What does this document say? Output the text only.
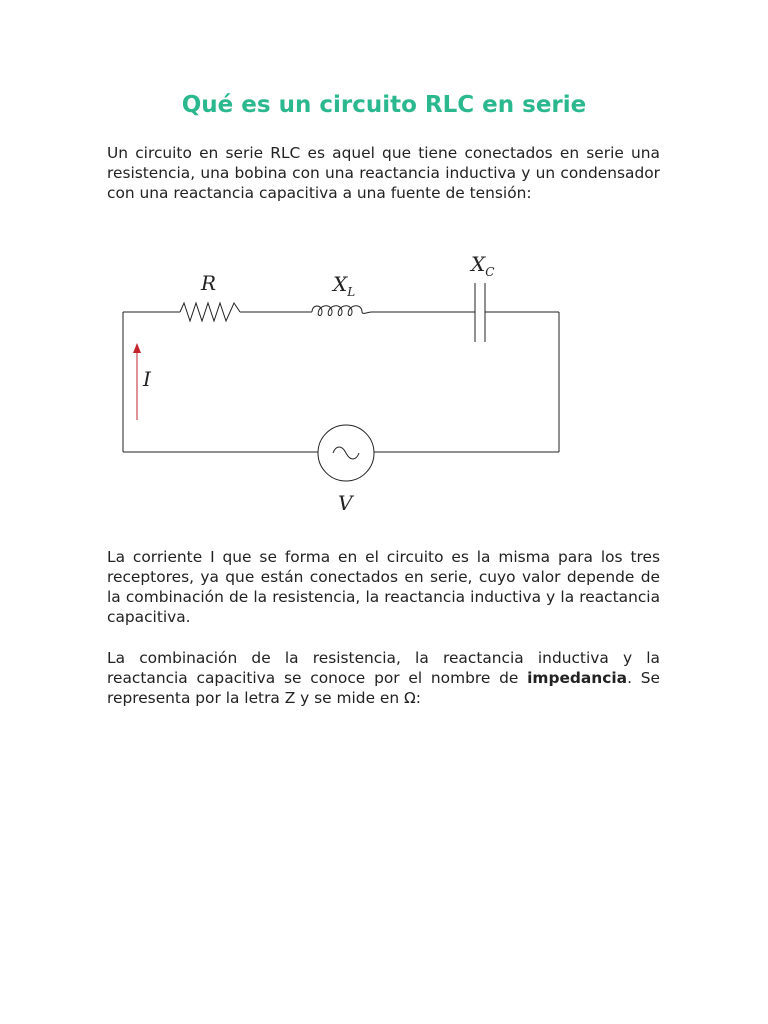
Qué es un circuito RLC en serie

Un circuito en serie RLC es aquel que tiene conectados en serie una resistencia, una bobina con una reactancia inductiva y un condensador con una reactancia capacitiva a una fuente de tensión:

R	$X_L$
$X_C$
I
V

La corriente I que se forma en el circuito es la misma para los tres receptores, ya que están conectados en serie, cuyo valor depende de la combinación de la resistencia, la reactancia inductiva y la reactancia capacitiva.

La combinación de la resistencia, la reactancia inductiva y la reactancia capacitiva se conoce por el nombre de impedancia. Se representa por la letra Z y se mide en Ω:
